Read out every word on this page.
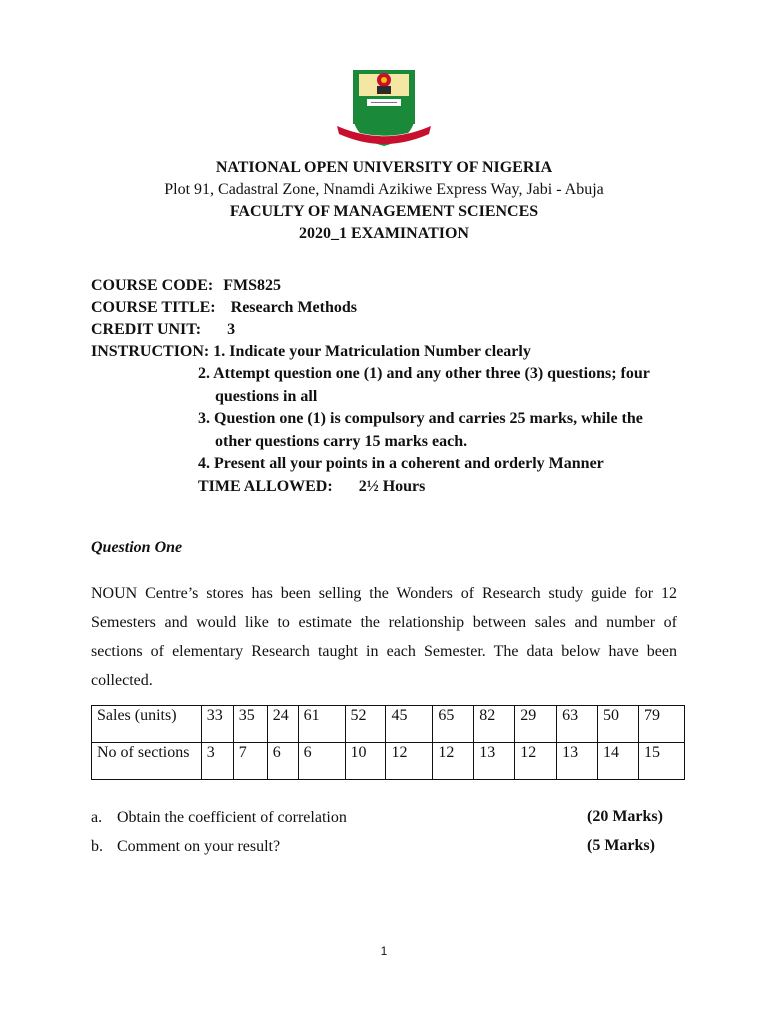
NATIONAL OPEN UNIVERSITY OF NIGERIA
Plot 91, Cadastral Zone, Nnamdi Azikiwe Express Way, Jabi - Abuja
FACULTY OF MANAGEMENT SCIENCES
2020_1 EXAMINATION
COURSE CODE: FMS825
COURSE TITLE: Research Methods
CREDIT UNIT: 3
INSTRUCTION: 1. Indicate your Matriculation Number clearly
2. Attempt question one (1) and any other three (3) questions; four
questions in all
3. Question one (1) is compulsory and carries 25 marks, while the
other questions carry 15 marks each.
4. Present all your points in a coherent and orderly Manner
TIME ALLOWED: 2½ Hours
Question One

NOUN Centre’s stores has been selling the Wonders of Research study guide for 12 Semesters and would like to estimate the relationship between sales and number of sections of elementary Research taught in each Semester. The data below have been collected.

Sales (units)	33	35	24	61	52	45	65	82	29	63	50	79
No of sections	3	7	6	6	10	12	12	13	12	13	14	15
a. Obtain the coefficient of correlation	(20 Marks)
b. Comment on your result?	(5 Marks)
1
